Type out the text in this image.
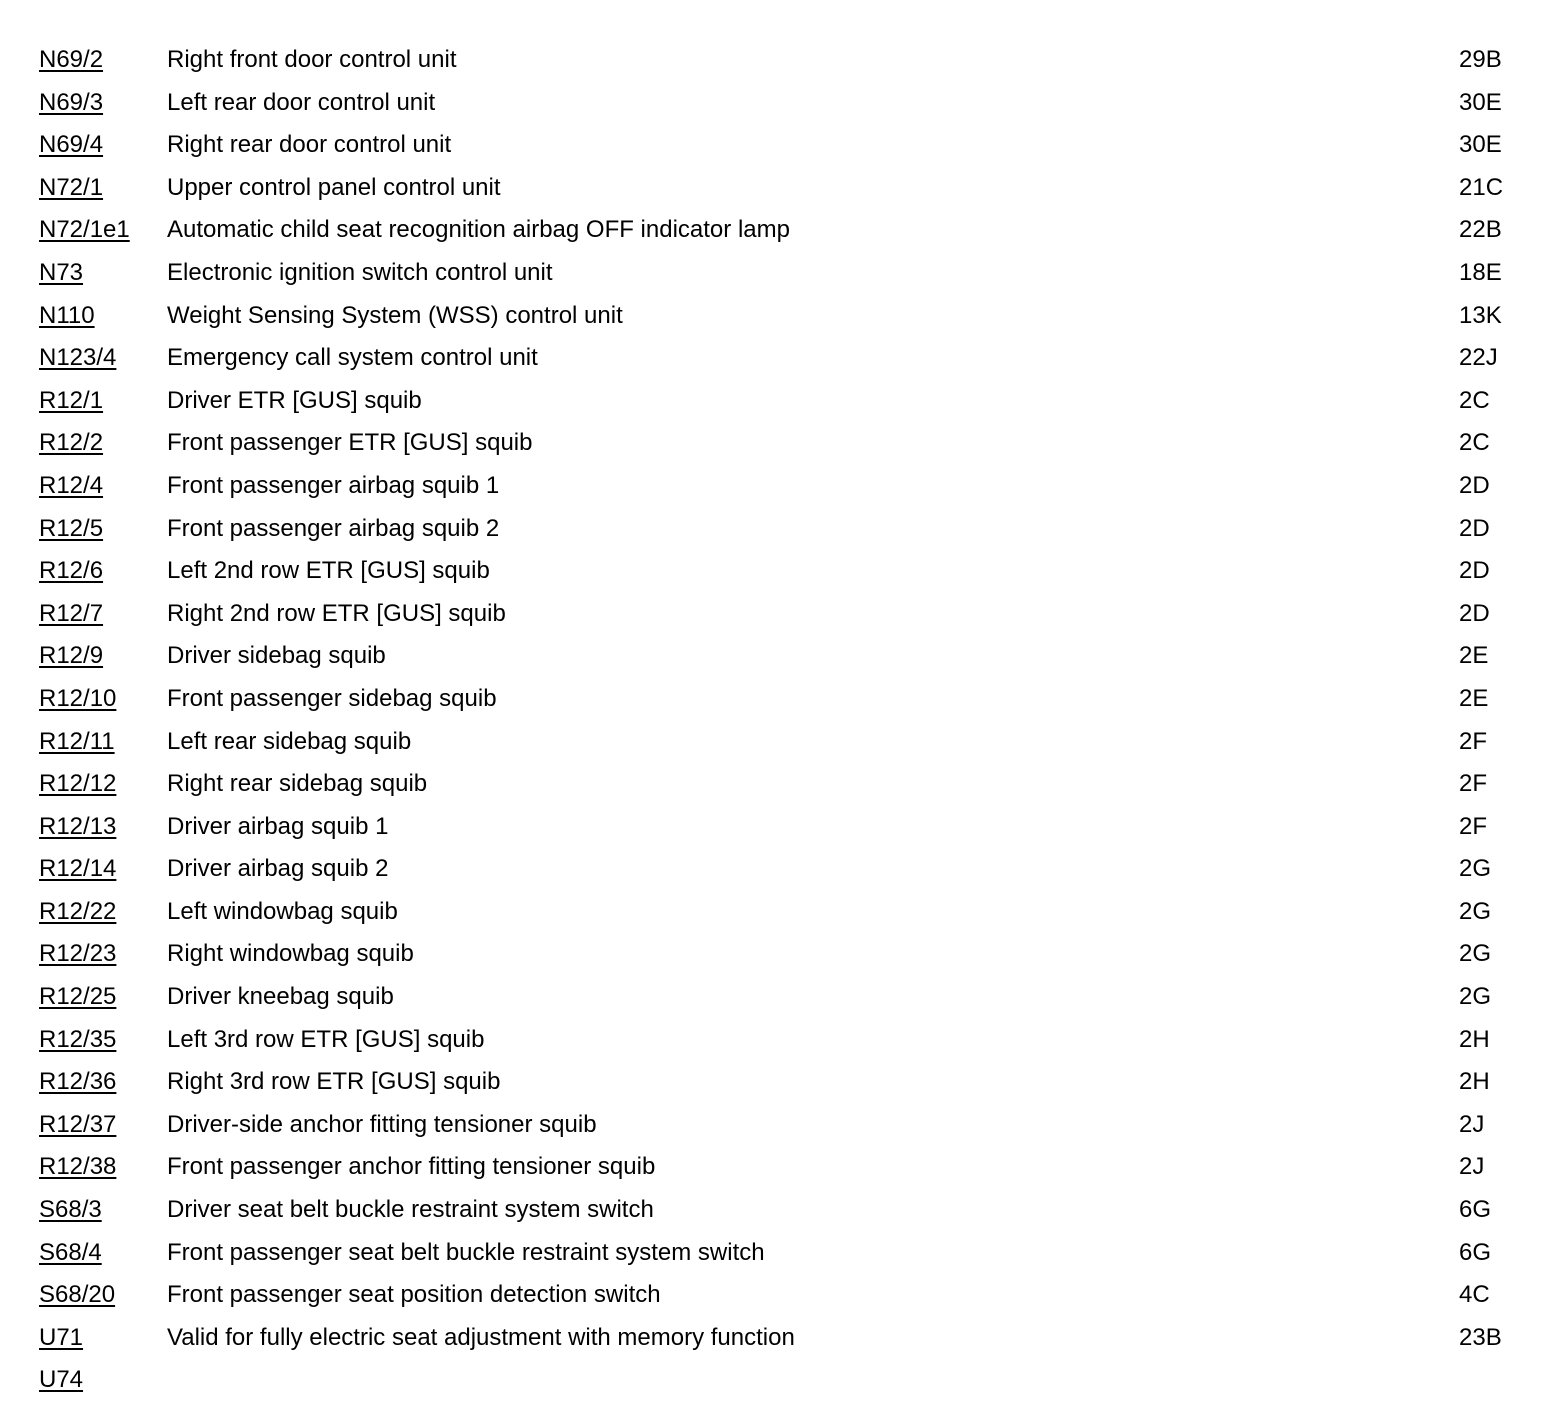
N69/2	Right front door control unit	29B
N69/3	Left rear door control unit	30E
N69/4	Right rear door control unit	30E
N72/1	Upper control panel control unit	21C
N72/1e1 Automatic child seat recognition airbag OFF indicator lamp	22B
N73	Electronic ignition switch control unit	18E
N110	Weight Sensing System (WSS) control unit	13K
N123/4 Emergency call system control unit	22J
R12/1	Driver ETR [GUS] squib	2C
R12/2	Front passenger ETR [GUS] squib	2C
R12/4	Front passenger airbag squib 1	2D
R12/5	Front passenger airbag squib 2	2D
R12/6	Left 2nd row ETR [GUS] squib	2D
R12/7	Right 2nd row ETR [GUS] squib	2D
R12/9	Driver sidebag squib	2E
R12/10 Front passenger sidebag squib	2E
R12/11 Left rear sidebag squib	2F
R12/12 Right rear sidebag squib	2F
R12/13 Driver airbag squib 1	2F
R12/14 Driver airbag squib 2	2G
R12/22 Left windowbag squib	2G
R12/23 Right windowbag squib	2G
R12/25 Driver kneebag squib	2G
R12/35 Left 3rd row ETR [GUS] squib	2H
R12/36 Right 3rd row ETR [GUS] squib	2H
R12/37 Driver-side anchor fitting tensioner squib	2J
R12/38 Front passenger anchor fitting tensioner squib	2J
S68/3	Driver seat belt buckle restraint system switch	6G
S68/4	Front passenger seat belt buckle restraint system switch	6G
S68/20 Front passenger seat position detection switch	4C
U71	Valid for fully electric seat adjustment with memory function	23B
U74
